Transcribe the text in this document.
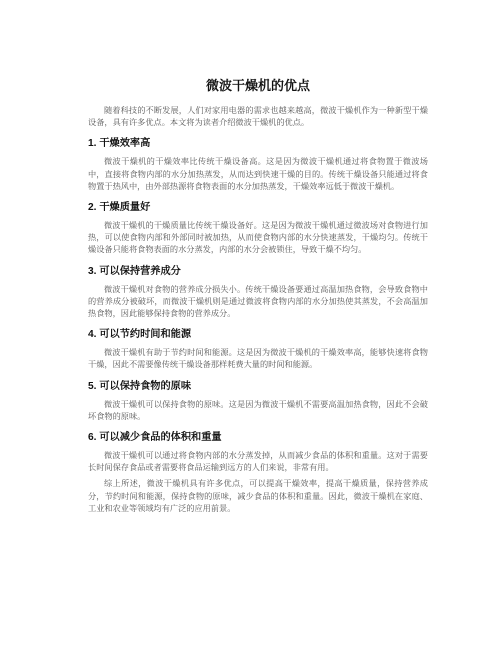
微波干燥机的优点

随着科技的不断发展，人们对家用电器的需求也越来越高，微波干燥机作为一种新型干燥设备，具有许多优点。本文将为读者介绍微波干燥机的优点。

1. 干燥效率高

微波干燥机的干燥效率比传统干燥设备高。这是因为微波干燥机通过将食物置于微波场中，直接将食物内部的水分加热蒸发，从而达到快速干燥的目的。传统干燥设备只能通过将食物置于热风中，由外部热源将食物表面的水分加热蒸发，干燥效率远低于微波干燥机。

2. 干燥质量好

微波干燥机的干燥质量比传统干燥设备好。这是因为微波干燥机通过微波场对食物进行加热，可以使食物内部和外部同时被加热，从而使食物内部的水分快速蒸发，干燥均匀。传统干燥设备只能将食物表面的水分蒸发，内部的水分会被锁住，导致干燥不均匀。

3. 可以保持营养成分

微波干燥机对食物的营养成分损失小。传统干燥设备要通过高温加热食物，会导致食物中的营养成分被破坏，而微波干燥机则是通过微波将食物内部的水分加热使其蒸发，不会高温加热食物，因此能够保持食物的营养成分。

4. 可以节约时间和能源

微波干燥机有助于节约时间和能源。这是因为微波干燥机的干燥效率高，能够快速将食物干燥，因此不需要像传统干燥设备那样耗费大量的时间和能源。

5. 可以保持食物的原味

微波干燥机可以保持食物的原味。这是因为微波干燥机不需要高温加热食物，因此不会破坏食物的原味。

6. 可以减少食品的体积和重量

微波干燥机可以通过将食物内部的水分蒸发掉，从而减少食品的体积和重量。这对于需要长时间保存食品或者需要将食品运输到远方的人们来说，非常有用。

综上所述，微波干燥机具有许多优点，可以提高干燥效率，提高干燥质量，保持营养成分，节约时间和能源，保持食物的原味，减少食品的体积和重量。因此，微波干燥机在家庭、工业和农业等领域均有广泛的应用前景。
